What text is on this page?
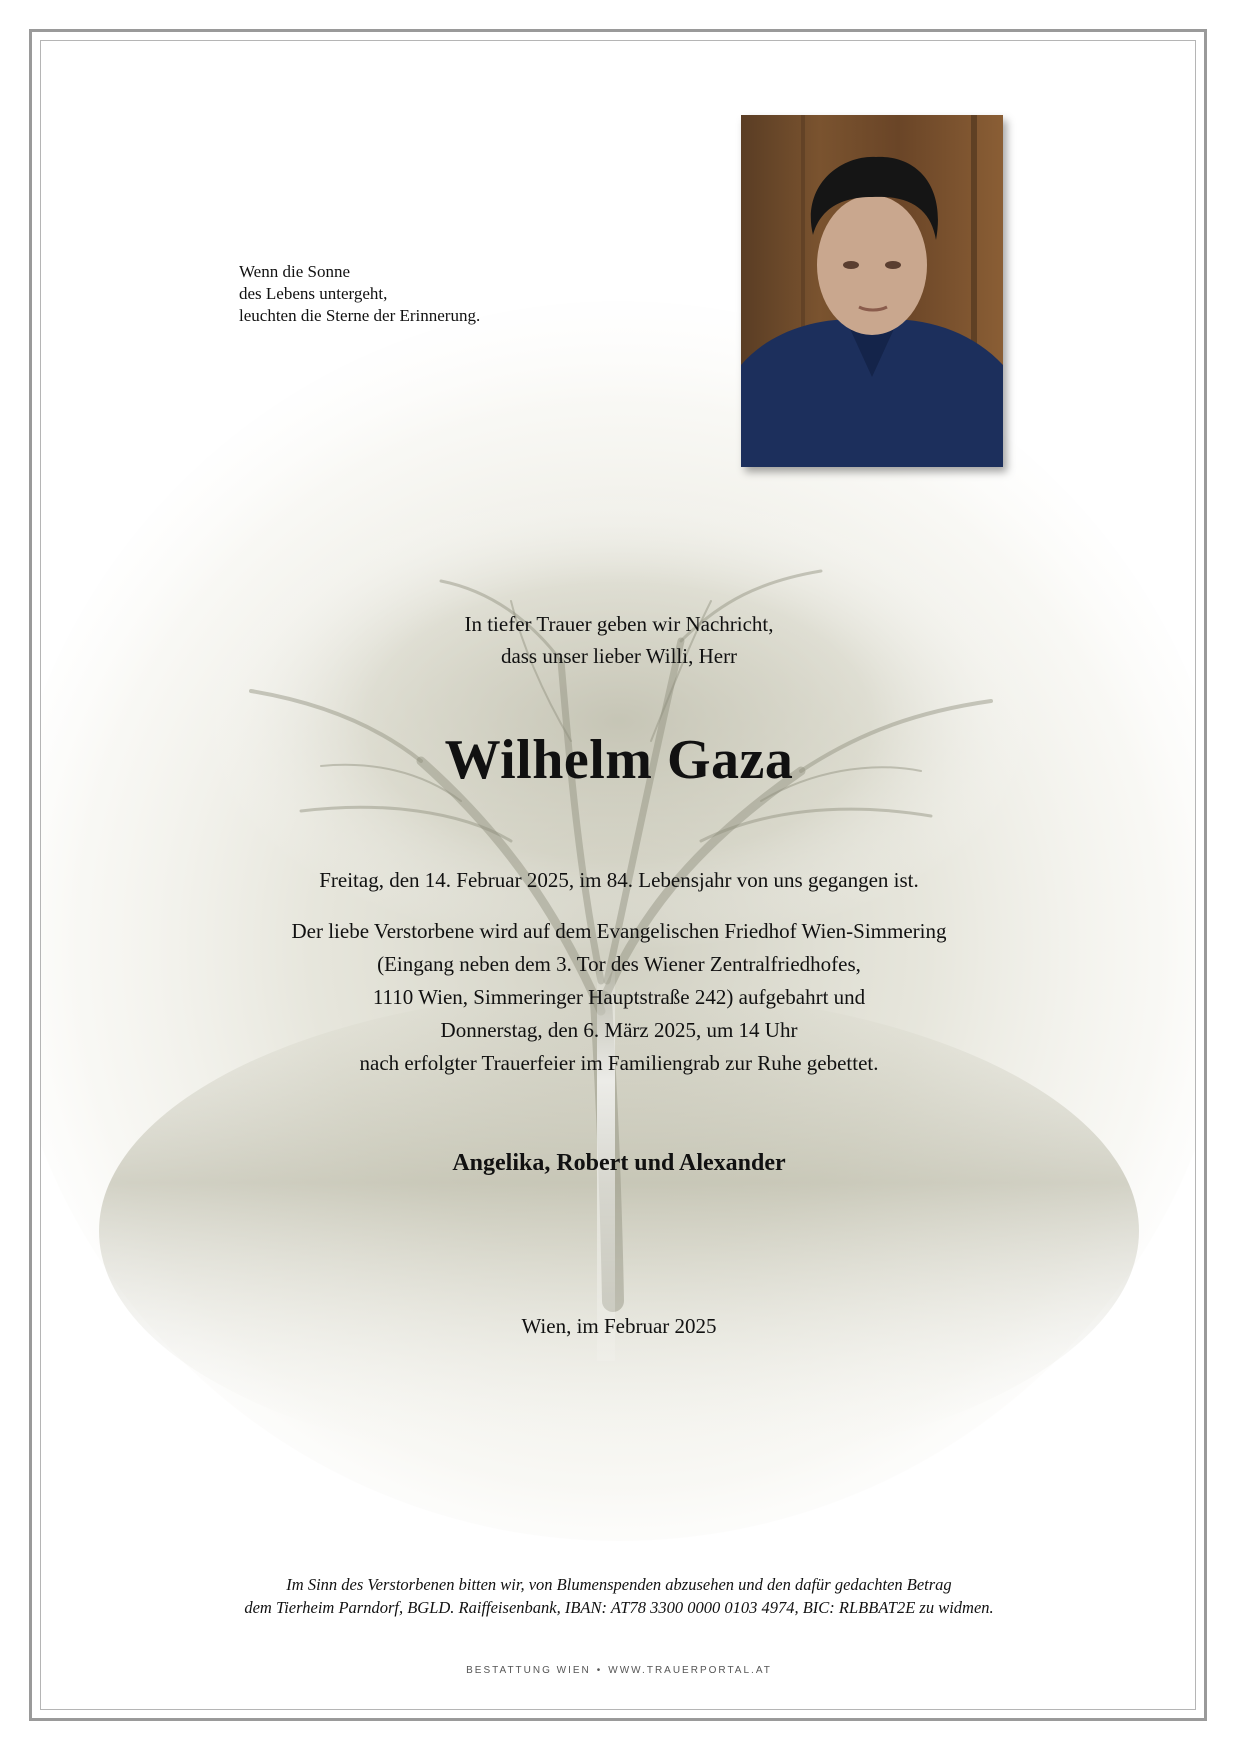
Wenn die Sonne
des Lebens untergeht,
leuchten die Sterne der Erinnerung.
In tiefer Trauer geben wir Nachricht,
dass unser lieber Willi, Herr
Wilhelm Gaza
Freitag, den 14. Februar 2025, im 84. Lebensjahr von uns gegangen ist.
Der liebe Verstorbene wird auf dem Evangelischen Friedhof Wien-Simmering
(Eingang neben dem 3. Tor des Wiener Zentralfriedhofes,
1110 Wien, Simmeringer Hauptstraße 242) aufgebahrt und
Donnerstag, den 6. März 2025, um 14 Uhr
nach erfolgter Trauerfeier im Familiengrab zur Ruhe gebettet.
Angelika, Robert und Alexander
Wien, im Februar 2025
Im Sinn des Verstorbenen bitten wir, von Blumenspenden abzusehen und den dafür gedachten Betrag
dem Tierheim Parndorf, BGLD. Raiffeisenbank, IBAN: AT78 3300 0000 0103 4974, BIC: RLBBAT2E zu widmen.
BESTATTUNG WIEN • WWW.TRAUERPORTAL.AT
